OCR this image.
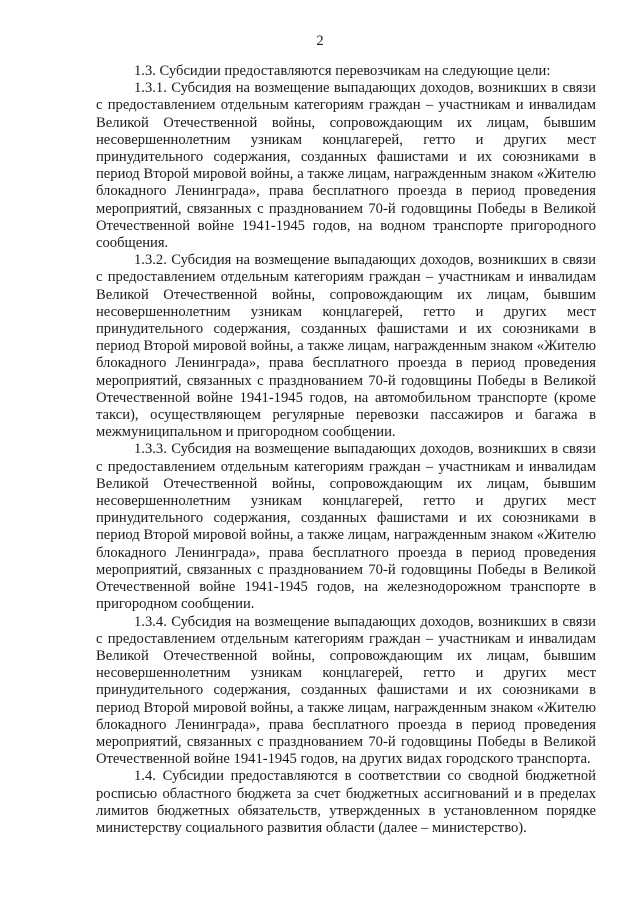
2

1.3. Субсидии предоставляются перевозчикам на следующие цели:

1.3.1. Субсидия на возмещение выпадающих доходов, возникших в связи с предоставлением отдельным категориям граждан – участникам и инвалидам Великой Отечественной войны, сопровождающим их лицам, бывшим несовершеннолетним узникам концлагерей, гетто и других мест принудительного содержания, созданных фашистами и их союзниками в период Второй мировой войны, а также лицам, награжденным знаком «Жителю блокадного Ленинграда», права бесплатного проезда в период проведения мероприятий, связанных с празднованием 70-й годовщины Победы в Великой Отечественной войне 1941-1945 годов, на водном транспорте пригородного сообщения.

1.3.2. Субсидия на возмещение выпадающих доходов, возникших в связи с предоставлением отдельным категориям граждан – участникам и инвалидам Великой Отечественной войны, сопровождающим их лицам, бывшим несовершеннолетним узникам концлагерей, гетто и других мест принудительного содержания, созданных фашистами и их союзниками в период Второй мировой войны, а также лицам, награжденным знаком «Жителю блокадного Ленинграда», права бесплатного проезда в период проведения мероприятий, связанных с празднованием 70-й годовщины Победы в Великой Отечественной войне 1941-1945 годов, на автомобильном транспорте (кроме такси), осуществляющем регулярные перевозки пассажиров и багажа в межмуниципальном и пригородном сообщении.

1.3.3. Субсидия на возмещение выпадающих доходов, возникших в связи с предоставлением отдельным категориям граждан – участникам и инвалидам Великой Отечественной войны, сопровождающим их лицам, бывшим несовершеннолетним узникам концлагерей, гетто и других мест принудительного содержания, созданных фашистами и их союзниками в период Второй мировой войны, а также лицам, награжденным знаком «Жителю блокадного Ленинграда», права бесплатного проезда в период проведения мероприятий, связанных с празднованием 70-й годовщины Победы в Великой Отечественной войне 1941-1945 годов, на железнодорожном транспорте в пригородном сообщении.

1.3.4. Субсидия на возмещение выпадающих доходов, возникших в связи с предоставлением отдельным категориям граждан – участникам и инвалидам Великой Отечественной войны, сопровождающим их лицам, бывшим несовершеннолетним узникам концлагерей, гетто и других мест принудительного содержания, созданных фашистами и их союзниками в период Второй мировой войны, а также лицам, награжденным знаком «Жителю блокадного Ленинграда», права бесплатного проезда в период проведения мероприятий, связанных с празднованием 70-й годовщины Победы в Великой Отечественной войне 1941-1945 годов, на других видах городского транспорта.

1.4. Субсидии предоставляются в соответствии со сводной бюджетной росписью областного бюджета за счет бюджетных ассигнований и в пределах лимитов бюджетных обязательств, утвержденных в установленном порядке министерству социального развития области (далее – министерство).
